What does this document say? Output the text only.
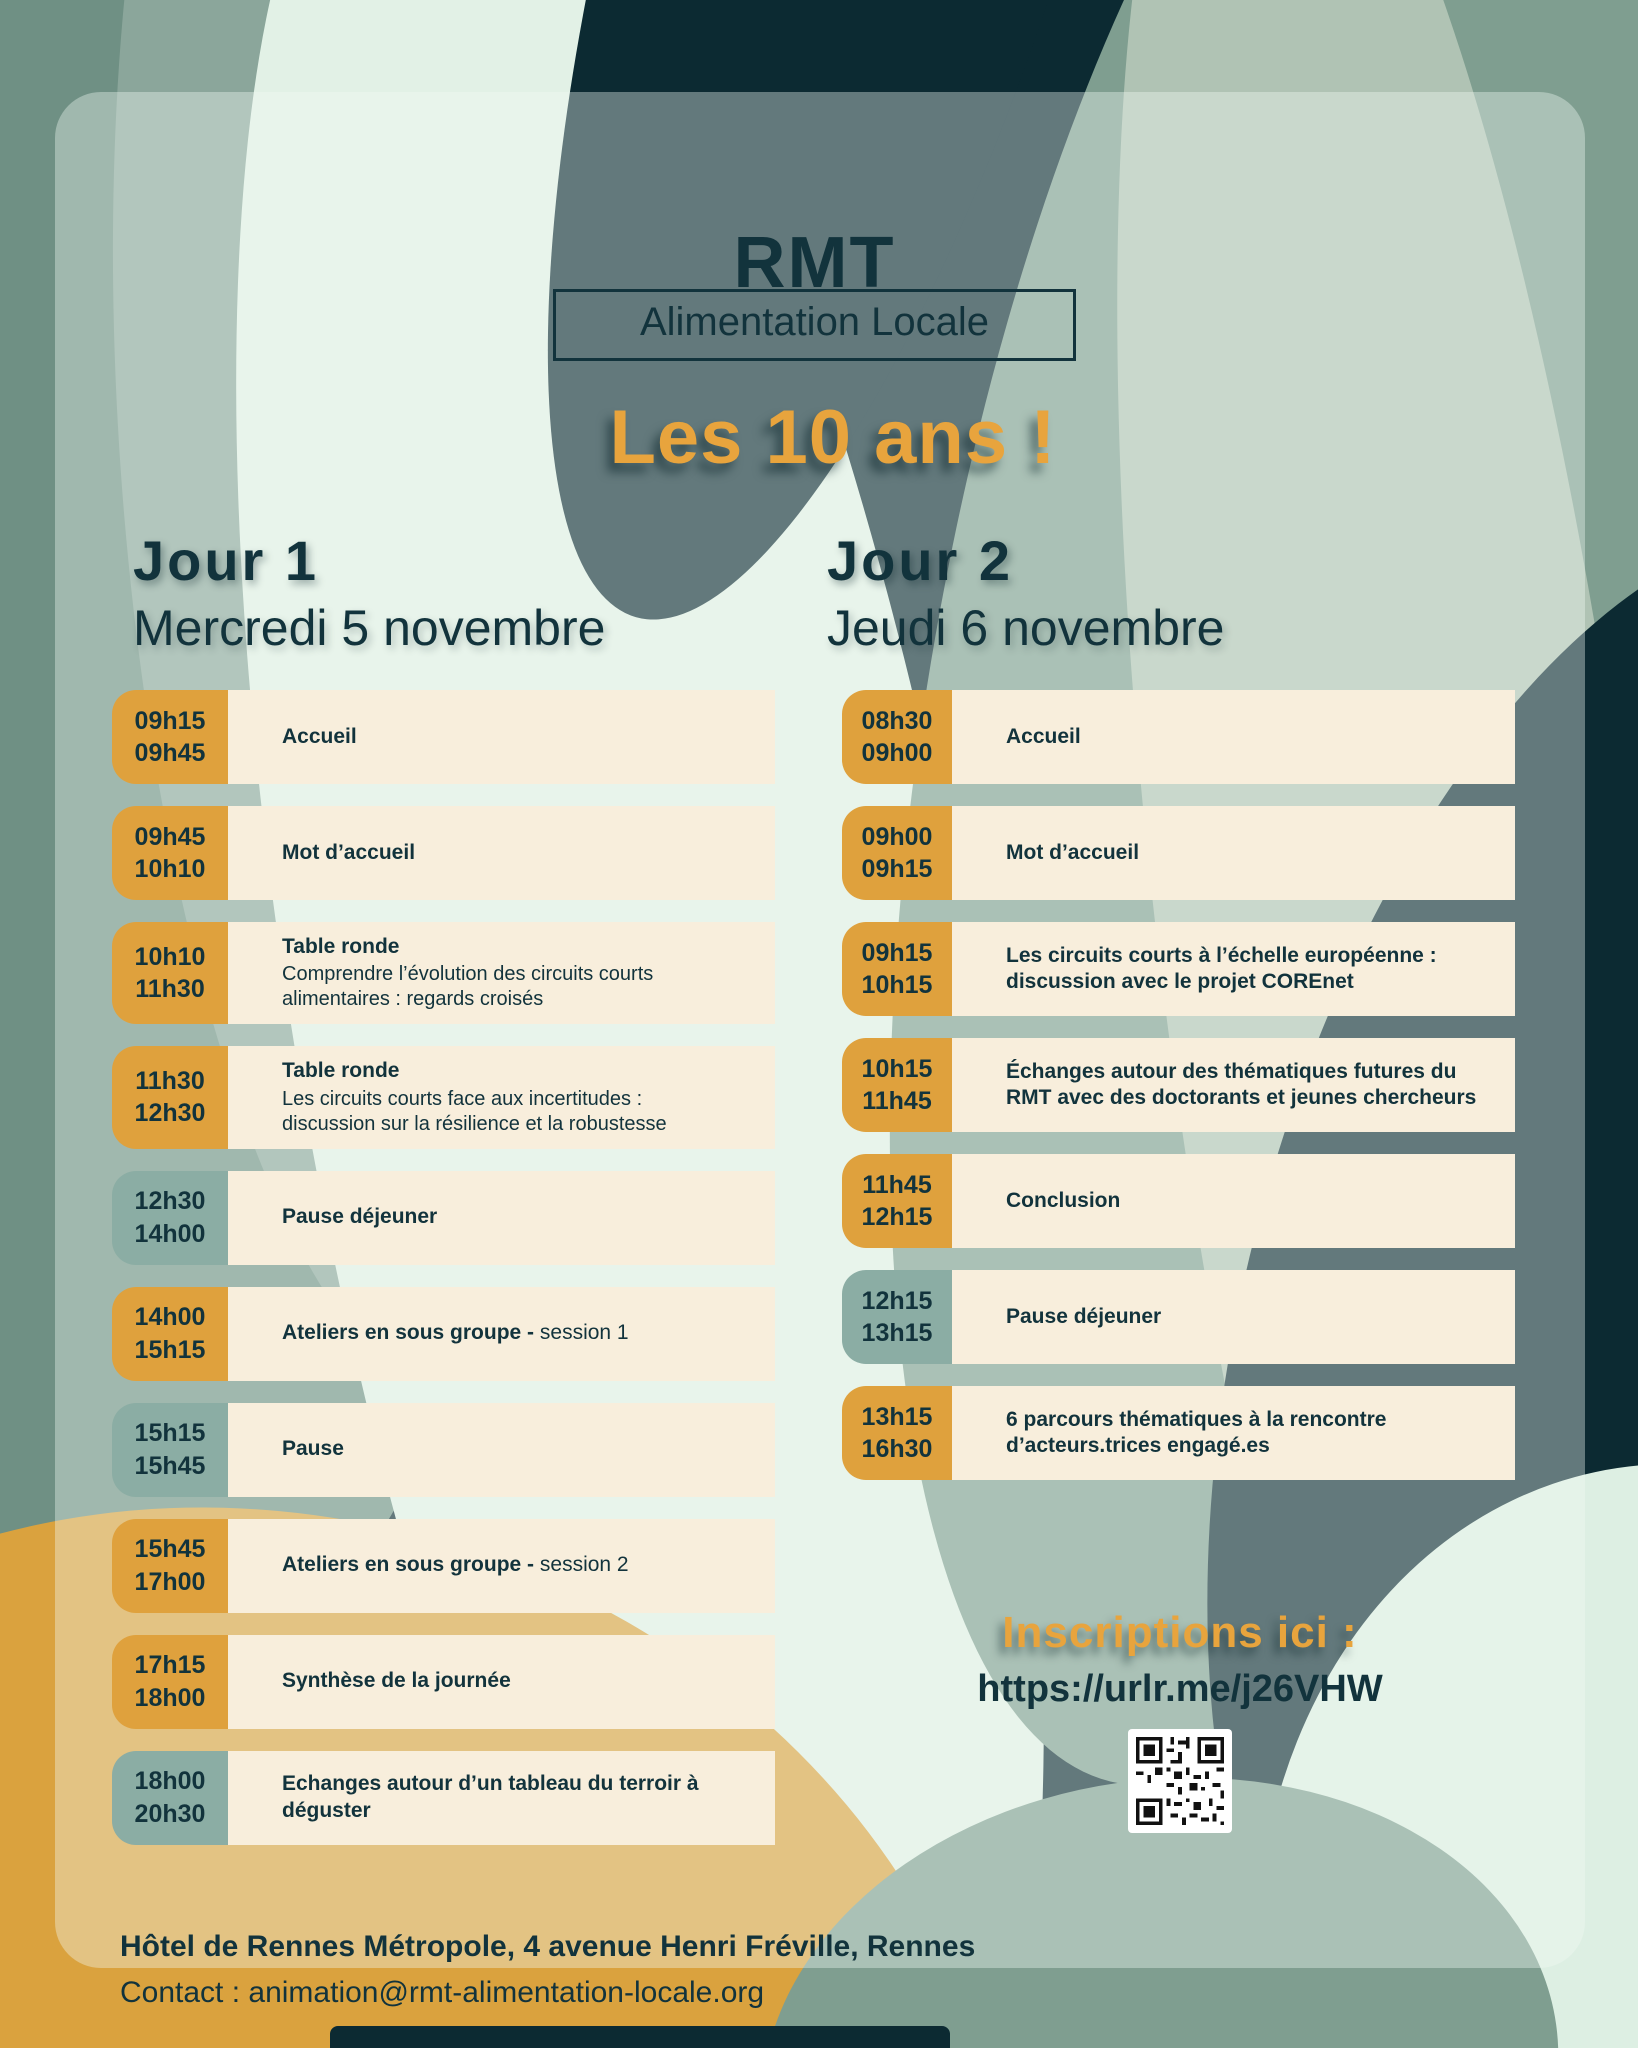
RMT
Alimentation Locale
Les 10 ans !
Jour 1
Mercredi 5 novembre
Jour 2
Jeudi 6 novembre
09h15
09h45

Accueil

09h45
10h10

Mot d’accueil

10h10
11h30

Table ronde

Comprendre l’évolution des circuits courts alimentaires : regards croisés

11h30
12h30

Table ronde

Les circuits courts face aux incertitudes : discussion sur la résilience et la robustesse

12h30
14h00

Pause déjeuner

14h00
15h15

Ateliers en sous groupe - session 1

15h15
15h45

Pause

15h45
17h00

Ateliers en sous groupe - session 2

17h15
18h00

Synthèse de la journée

18h00
20h30

Echanges autour d’un tableau du terroir à déguster

08h30
09h00

Accueil

09h00
09h15

Mot d’accueil

09h15
10h15

Les circuits courts à l’échelle européenne : discussion avec le projet COREnet

10h15
11h45

Échanges autour des thématiques futures du RMT avec des doctorants et jeunes chercheurs

11h45
12h15

Conclusion

12h15
13h15

Pause déjeuner

13h15
16h30

6 parcours thématiques à la rencontre d’acteurs.trices engagé.es

Inscriptions ici :
https://urlr.me/j26VHW
Hôtel de Rennes Métropole, 4 avenue Henri Fréville, Rennes
Contact : animation@rmt-alimentation-locale.org
